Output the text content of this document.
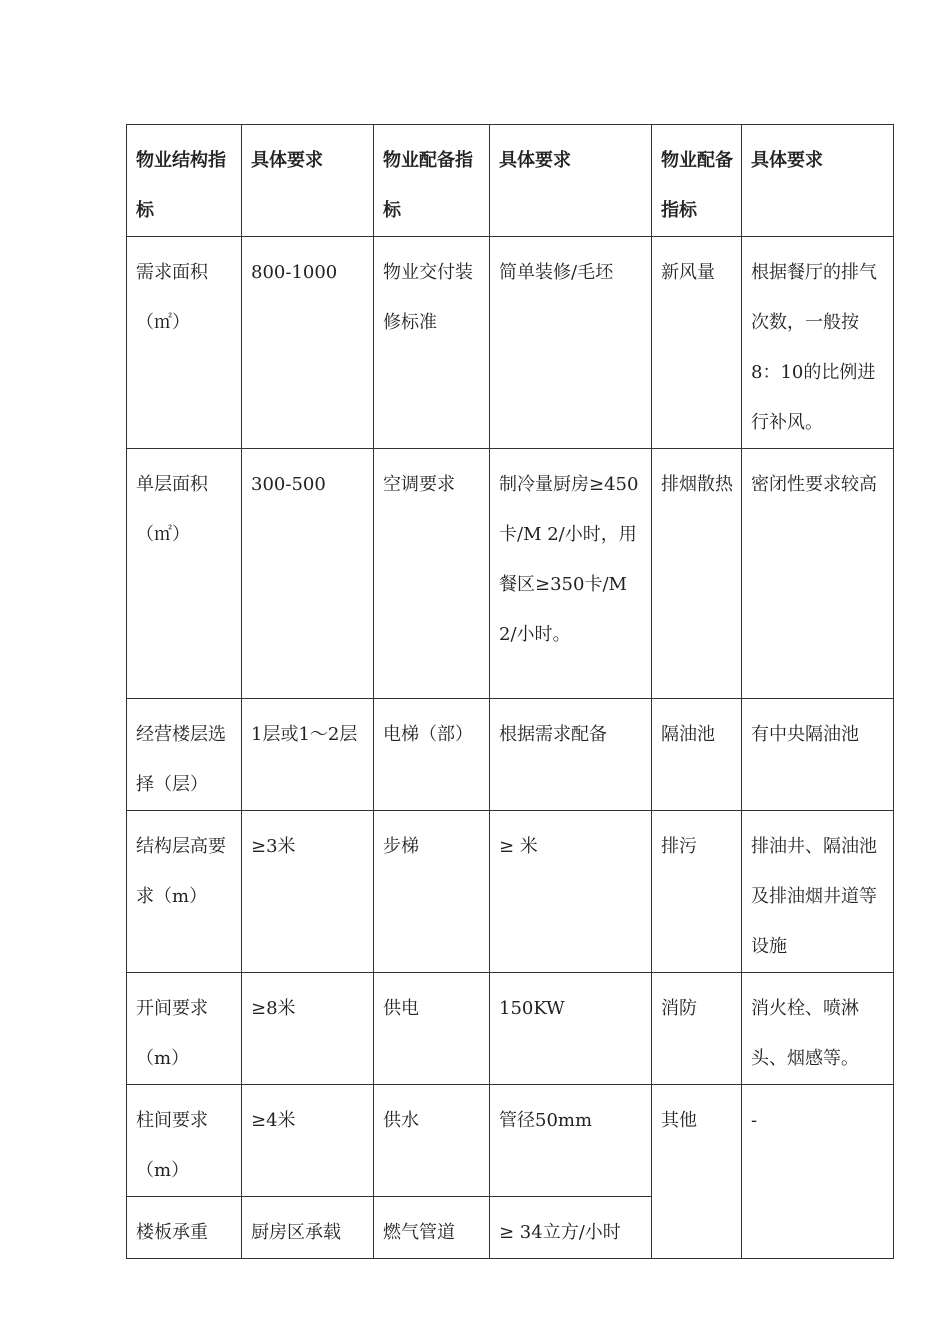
物业结构指标	具体要求	物业配备指标	具体要求	物业配备指标	具体要求
需求面积（㎡）	800-1000	物业交付装修标准	简单装修/毛坯	新风量	根据餐厅的排气次数，一般按8：10的比例进行补风。
单层面积（㎡）	300-500	空调要求	制冷量厨房≥450卡/M 2/小时，用餐区≥350卡/M 2/小时。	排烟散热	密闭性要求较高
经营楼层选择（层）	1层或1～2层	电梯（部）	根据需求配备	隔油池	有中央隔油池
结构层高要求（m）	≥3米	步梯	≥ 米	排污	排油井、隔油池及排油烟井道等设施
开间要求（m）	≥8米	供电	150KW	消防	消火栓、喷淋头、烟感等。
柱间要求（m）	≥4米	供水	管径50mm	其他	-
楼板承重	厨房区承载	燃气管道	≥ 34立方/小时		
